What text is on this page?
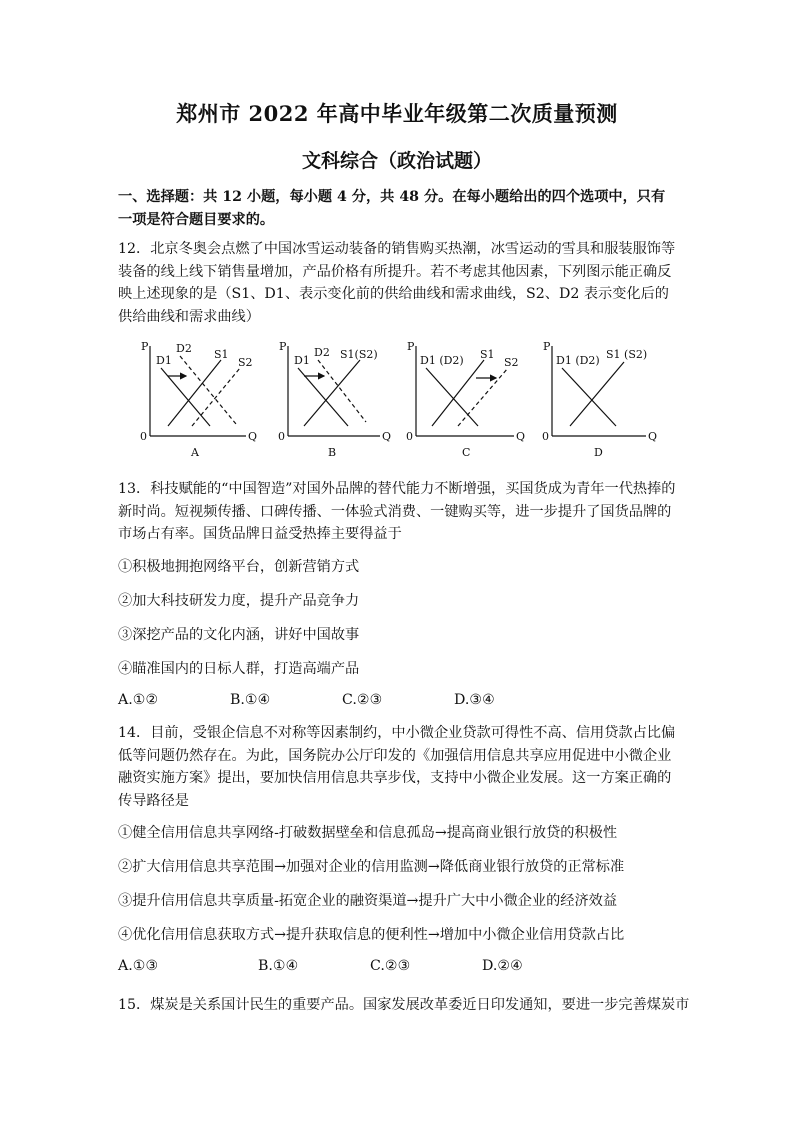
郑州市 2022 年高中毕业年级第二次质量预测
文科综合（政治试题）
一、选择题：共 12 小题，每小题 4 分，共 48 分。在每小题给出的四个选项中，只有一项是符合题目要求的。
12．北京冬奥会点燃了中国冰雪运动装备的销售购买热潮，冰雪运动的雪具和服装服饰等装备的线上线下销售量增加，产品价格有所提升。若不考虑其他因素，下列图示能正确反映上述现象的是（S1、D1、表示变化前的供给曲线和需求曲线，S2、D2 表示变化后的供给曲线和需求曲线）
P
Q
0
D1
D2 S1
S2
A
P
Q
0
D1
D2 S1(S2)
B
P
Q
0
D1 (D2) S1
S2
C
P
Q
0
D1 (D2) S1 (S2)
D
13．科技赋能的“中国智造”对国外品牌的替代能力不断增强，买国货成为青年一代热捧的新时尚。短视频传播、口碑传播、一体验式消费、一键购买等，进一步提升了国货品牌的市场占有率。国货品牌日益受热捧主要得益于
①积极地拥抱网络平台，创新营销方式
②加大科技研发力度，提升产品竞争力
③深挖产品的文化内涵，讲好中国故事
④瞄准国内的日标人群，打造高端产品
A.①②	B.①④	C.②③	D.③④
14．目前，受银企信息不对称等因素制约，中小微企业贷款可得性不高、信用贷款占比偏低等问题仍然存在。为此，国务院办公厅印发的《加强信用信息共享应用促进中小微企业融资实施方案》提出，要加快信用信息共享步伐，支持中小微企业发展。这一方案正确的传导路径是
①健全信用信息共享网络-打破数据壁垒和信息孤岛→提高商业银行放贷的积极性
②扩大信用信息共享范围→加强对企业的信用监测→降低商业银行放贷的正常标准
③提升信用信息共享质量-拓宽企业的融资渠道→提升广大中小微企业的经济效益
④优化信用信息获取方式→提升获取信息的便利性→增加中小微企业信用贷款占比
A.①③	B.①④	C.②③	D.②④
15．煤炭是关系国计民生的重要产品。国家发展改革委近日印发通知，要进一步完善煤炭市
